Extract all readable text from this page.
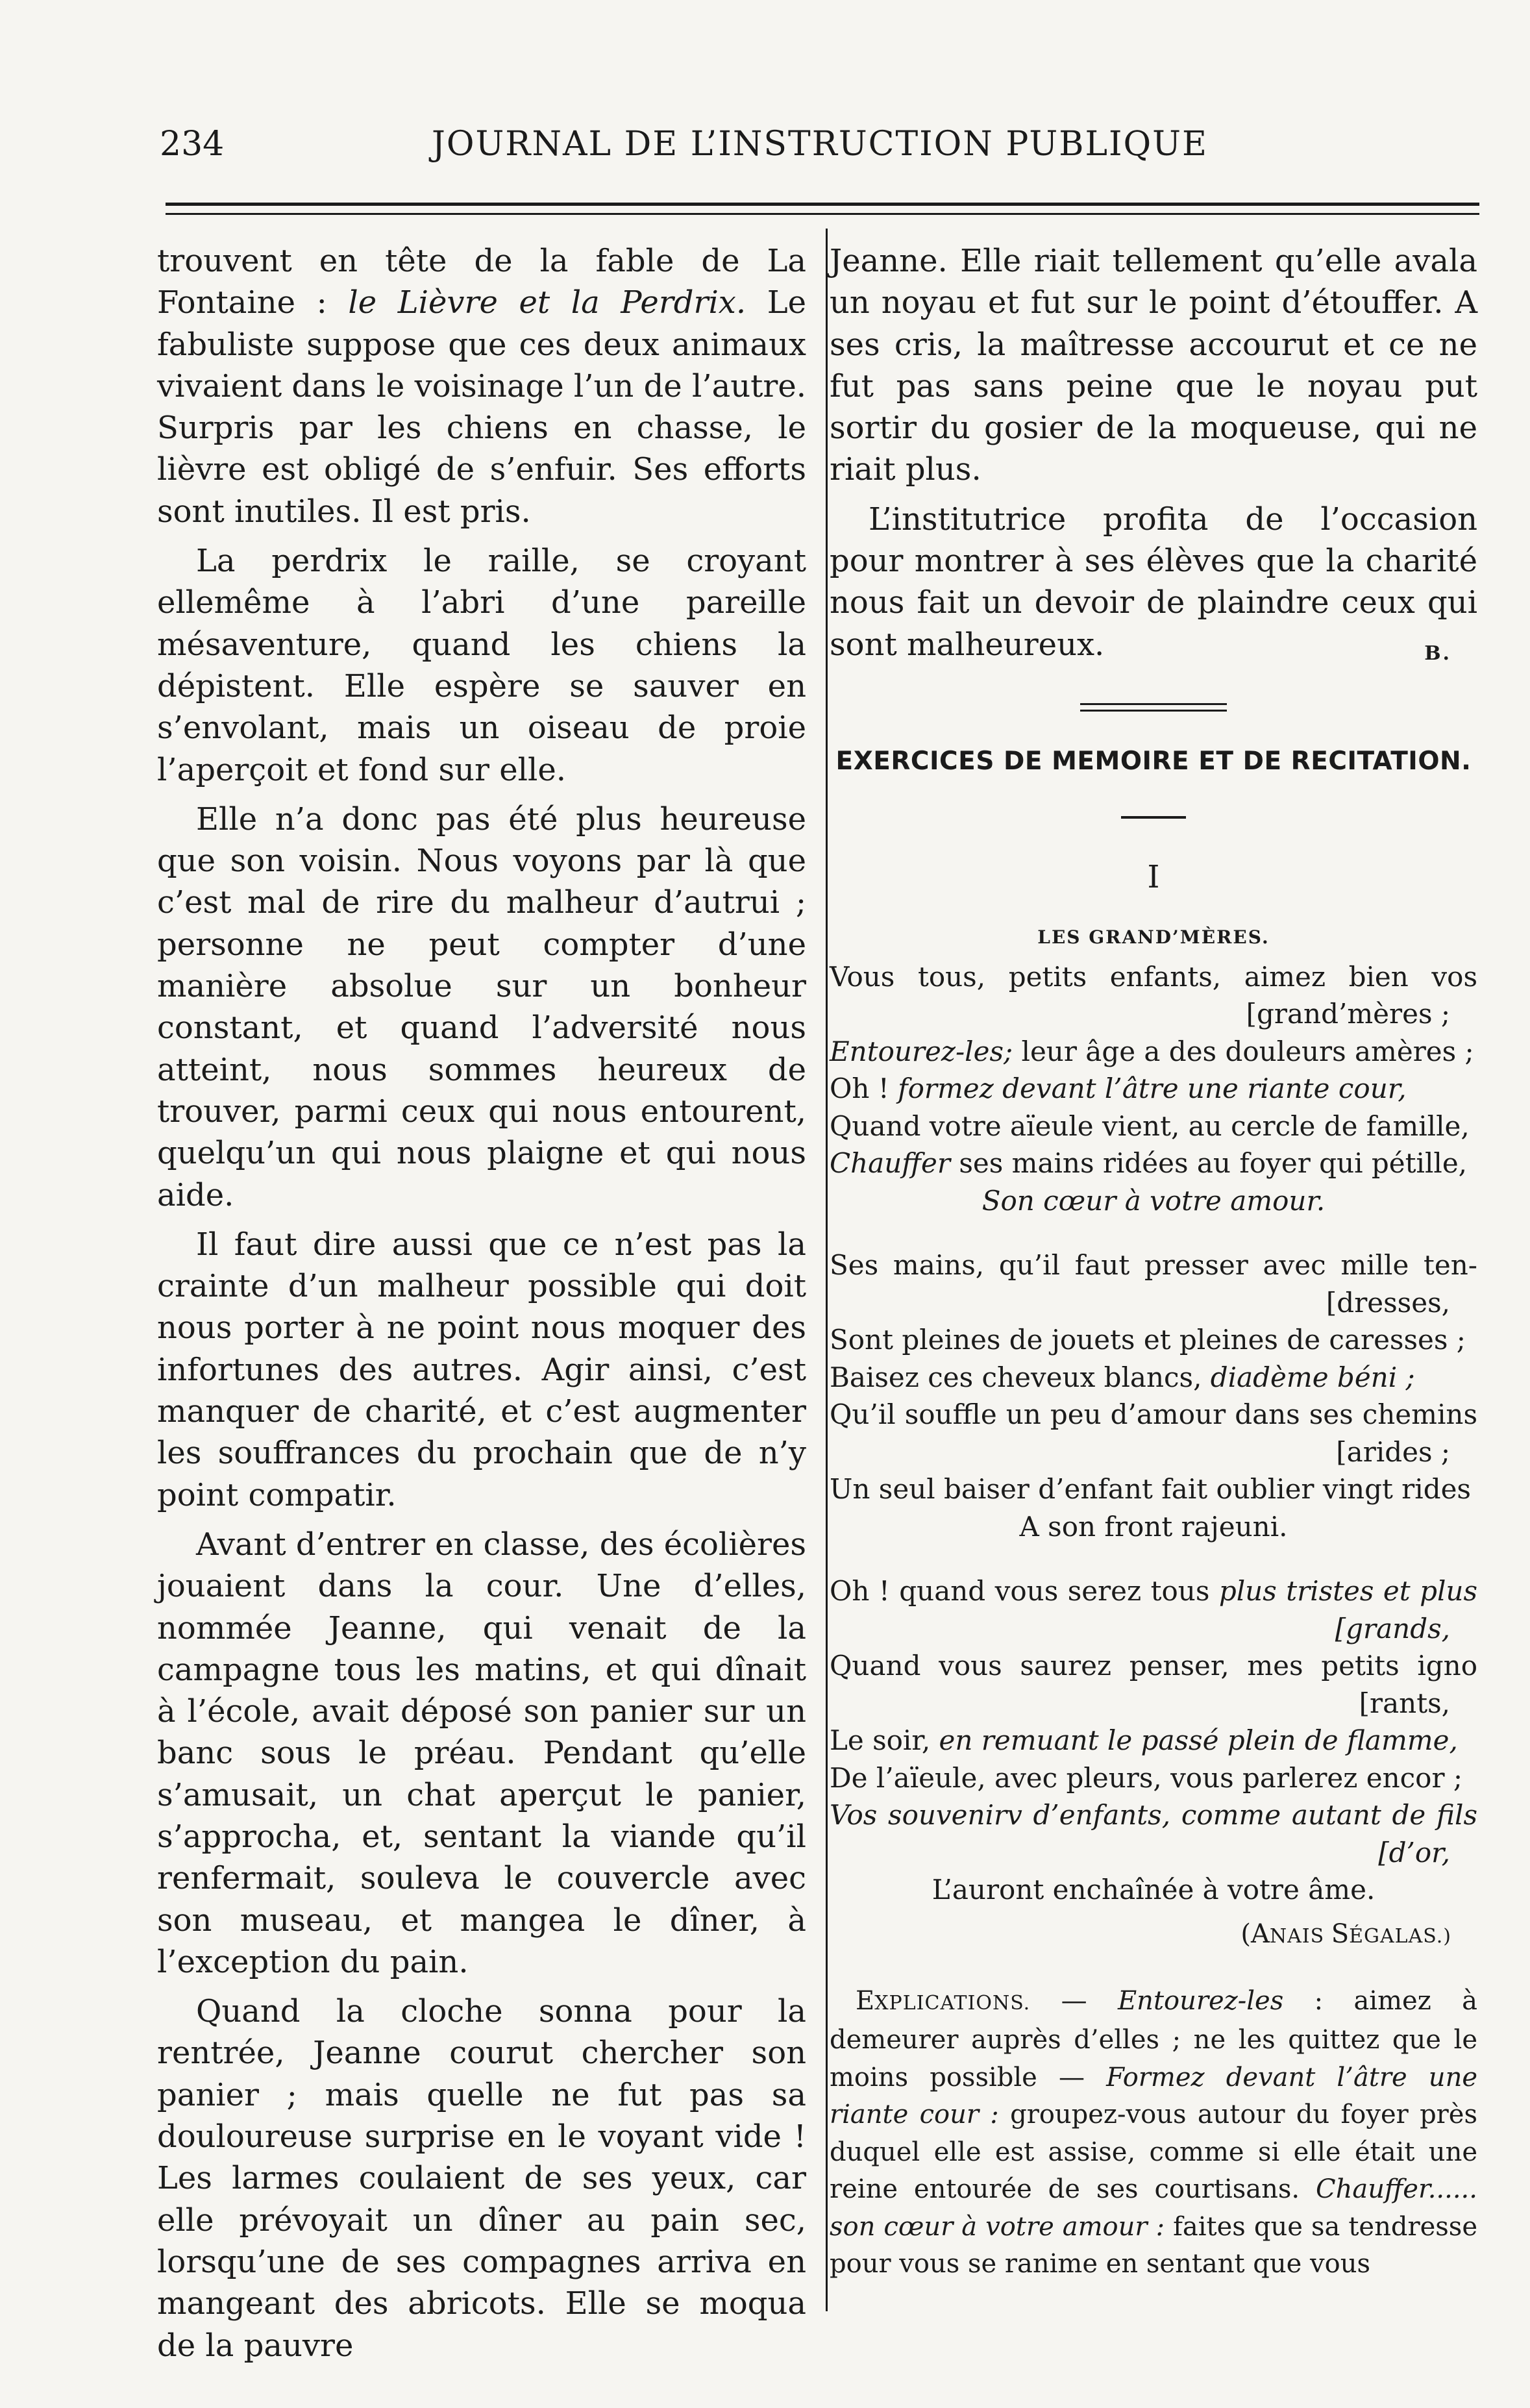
234	JOURNAL DE L’INSTRUCTION PUBLIQUE

trouvent en tête de la fable de La Fontaine : le Lièvre et la Perdrix. Le fabuliste suppose que ces deux animaux vivaient dans le voisinage l’un de l’autre. Surpris par les chiens en chasse, le lièvre est obligé de s’enfuir. Ses efforts sont inutiles. Il est pris.

La perdrix le raille, se croyant ellemême à l’abri d’une pareille mésaventure, quand les chiens la dépistent. Elle espère se sauver en s’envolant, mais un oiseau de proie l’aperçoit et fond sur elle.

Elle n’a donc pas été plus heureuse que son voisin. Nous voyons par là que c’est mal de rire du malheur d’autrui ; personne ne peut compter d’une manière absolue sur un bonheur constant, et quand l’adversité nous atteint, nous sommes heureux de trouver, parmi ceux qui nous entourent, quelqu’un qui nous plaigne et qui nous aide.

Il faut dire aussi que ce n’est pas la crainte d’un malheur possible qui doit nous porter à ne point nous moquer des infortunes des autres. Agir ainsi, c’est manquer de charité, et c’est augmenter les souffrances du prochain que de n’y point compatir.

Avant d’entrer en classe, des écolières jouaient dans la cour. Une d’elles, nommée Jeanne, qui venait de la campagne tous les matins, et qui dînait à l’école, avait déposé son panier sur un banc sous le préau. Pendant qu’elle s’amusait, un chat aperçut le panier, s’approcha, et, sentant la viande qu’il renfermait, souleva le couvercle avec son museau, et mangea le dîner, à l’exception du pain.

Quand la cloche sonna pour la rentrée, Jeanne courut chercher son panier ; mais quelle ne fut pas sa douloureuse surprise en le voyant vide ! Les larmes coulaient de ses yeux, car elle prévoyait un dîner au pain sec, lorsqu’une de ses compagnes arriva en mangeant des abricots. Elle se moqua de la pauvre

Jeanne. Elle riait tellement qu’elle avala un noyau et fut sur le point d’étouffer. A ses cris, la maîtresse accourut et ce ne fut pas sans peine que le noyau put sortir du gosier de la moqueuse, qui ne riait plus.

L’institutrice profita de l’occasion pour montrer à ses élèves que la charité nous fait un devoir de plaindre ceux qui sont malheureux.	B.

EXERCICES DE MEMOIRE ET DE RECITATION.
I
LES GRAND’MÈRES.
Vous tous, petits enfants, aimez bien vos
[grand’mères ;
Entourez-les; leur âge a des douleurs amères ;
Oh ! formez devant l’âtre une riante cour,
Quand votre aïeule vient, au cercle de famille,
Chauffer ses mains ridées au foyer qui pétille,
Son cœur à votre amour.
Ses mains, qu’il faut presser avec mille ten-
[dresses,
Sont pleines de jouets et pleines de caresses ;
Baisez ces cheveux blancs, diadème béni ;
Qu’il souffle un peu d’amour dans ses chemins
[arides ;
Un seul baiser d’enfant fait oublier vingt rides
A son front rajeuni.
Oh ! quand vous serez tous plus tristes et plus
[grands,
Quand vous saurez penser, mes petits igno
[rants,
Le soir, en remuant le passé plein de flamme,
De l’aïeule, avec pleurs, vous parlerez encor ;
Vos souvenirv d’enfants, comme autant de fils
[d’or,
L’auront enchaînée à votre âme.
(ANAIS SÉGALAS.)
EXPLICATIONS. — Entourez-les : aimez à demeurer auprès d’elles ; ne les quittez que le moins possible — Formez devant l’âtre une riante cour : groupez-vous autour du foyer près duquel elle est assise, comme si elle était une reine entourée de ses courtisans. Chauffer...... son cœur à votre amour : faites que sa tendresse pour vous se ranime en sentant que vous
